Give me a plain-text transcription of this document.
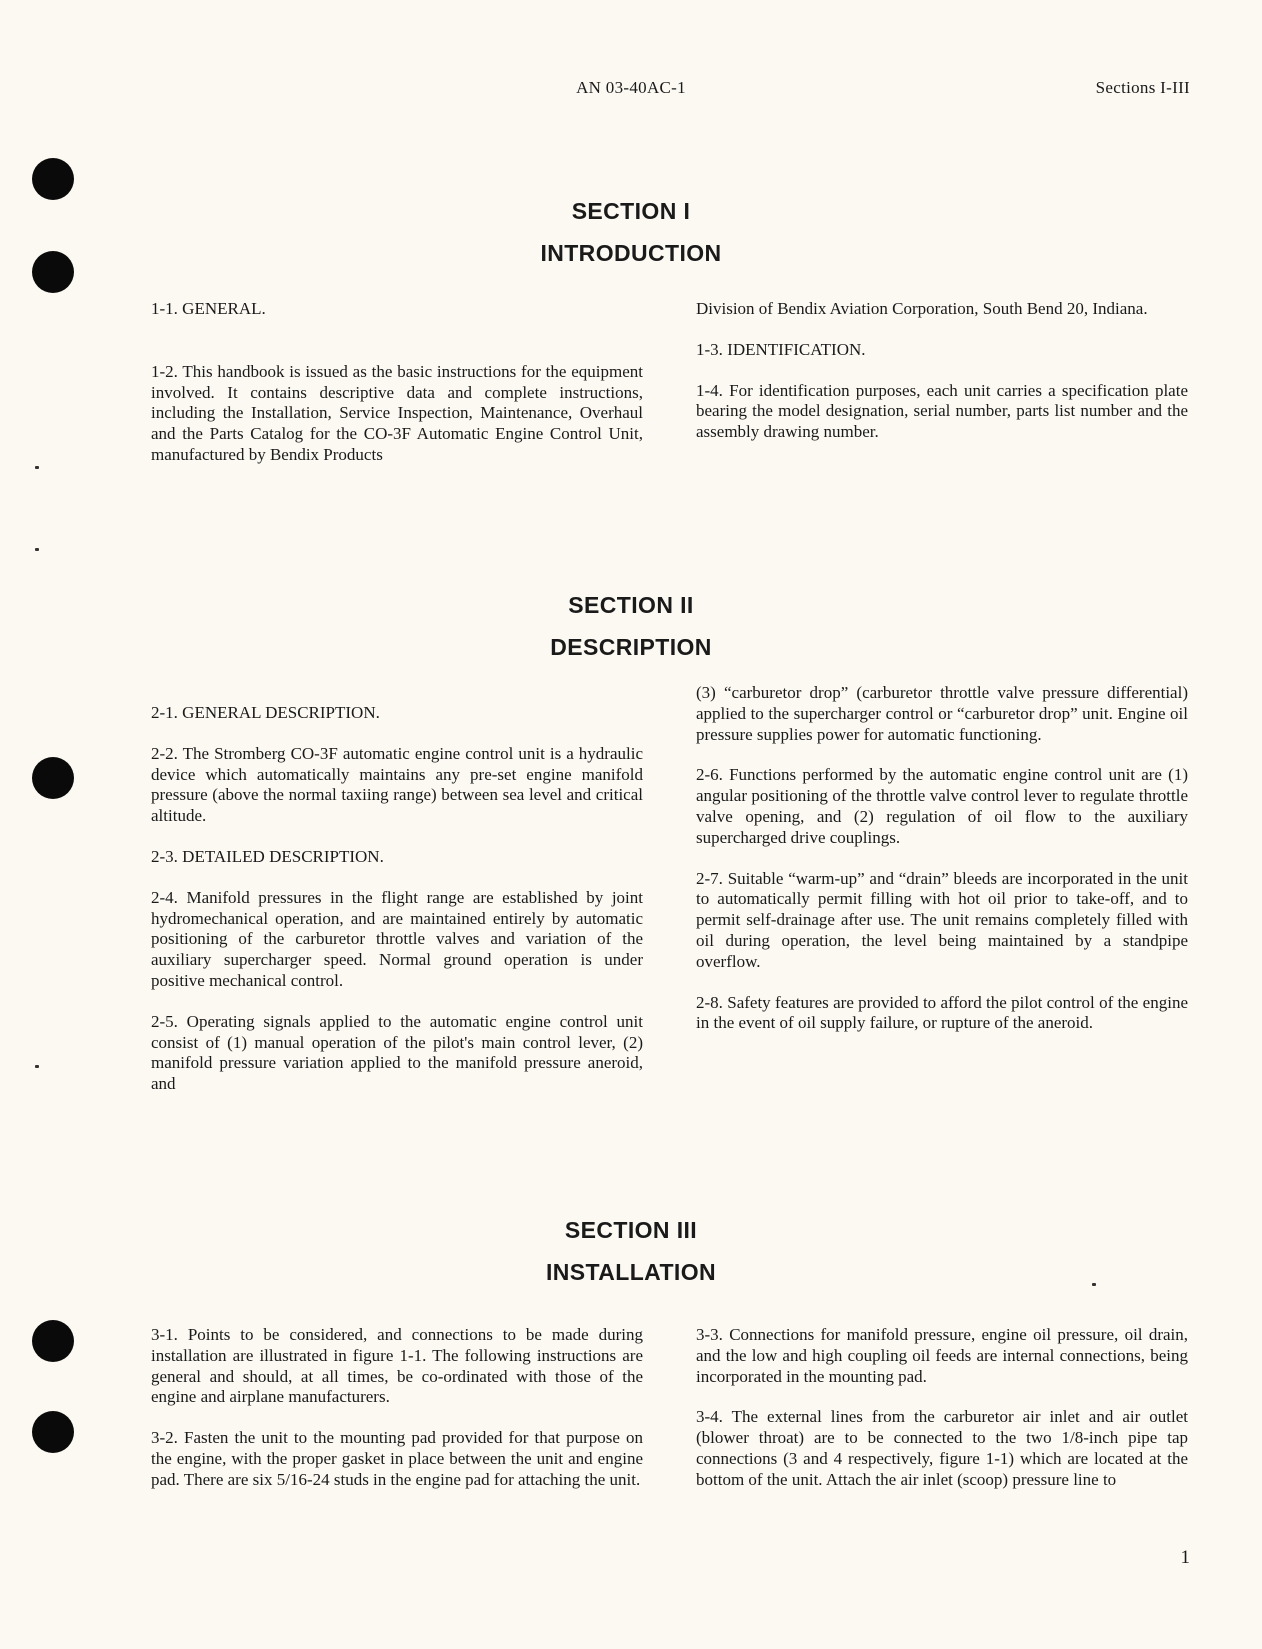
AN 03-40AC-1	Sections I-III
SECTION I
INTRODUCTION

1-1. GENERAL.

1-2. This handbook is issued as the basic instructions for the equipment involved. It contains descriptive data and complete instructions, including the Installation, Service Inspection, Maintenance, Overhaul and the Parts Catalog for the CO-3F Automatic Engine Control Unit, manufactured by Bendix Products

Division of Bendix Aviation Corporation, South Bend 20, Indiana.

1-3. IDENTIFICATION.

1-4. For identification purposes, each unit carries a specification plate bearing the model designation, serial number, parts list number and the assembly drawing number.

SECTION II
DESCRIPTION

2-1. GENERAL DESCRIPTION.

2-2. The Stromberg CO-3F automatic engine control unit is a hydraulic device which automatically maintains any pre-set engine manifold pressure (above the normal taxiing range) between sea level and critical altitude.

2-3. DETAILED DESCRIPTION.

2-4. Manifold pressures in the flight range are established by joint hydromechanical operation, and are maintained entirely by automatic positioning of the carburetor throttle valves and variation of the auxiliary supercharger speed. Normal ground operation is under positive mechanical control.

2-5. Operating signals applied to the automatic engine control unit consist of (1) manual operation of the pilot's main control lever, (2) manifold pressure variation applied to the manifold pressure aneroid, and

(3) “carburetor drop” (carburetor throttle valve pressure differential) applied to the supercharger control or “carburetor drop” unit. Engine oil pressure supplies power for automatic functioning.

2-6. Functions performed by the automatic engine control unit are (1) angular positioning of the throttle valve control lever to regulate throttle valve opening, and (2) regulation of oil flow to the auxiliary supercharged drive couplings.

2-7. Suitable “warm-up” and “drain” bleeds are incorporated in the unit to automatically permit filling with hot oil prior to take-off, and to permit self-drainage after use. The unit remains completely filled with oil during operation, the level being maintained by a standpipe overflow.

2-8. Safety features are provided to afford the pilot control of the engine in the event of oil supply failure, or rupture of the aneroid.

SECTION III
INSTALLATION

3-1. Points to be considered, and connections to be made during installation are illustrated in figure 1-1. The following instructions are general and should, at all times, be co-ordinated with those of the engine and airplane manufacturers.

3-2. Fasten the unit to the mounting pad provided for that purpose on the engine, with the proper gasket in place between the unit and engine pad. There are six 5/16-24 studs in the engine pad for attaching the unit.

3-3. Connections for manifold pressure, engine oil pressure, oil drain, and the low and high coupling oil feeds are internal connections, being incorporated in the mounting pad.

3-4. The external lines from the carburetor air inlet and air outlet (blower throat) are to be connected to the two 1/8-inch pipe tap connections (3 and 4 respectively, figure 1-1) which are located at the bottom of the unit. Attach the air inlet (scoop) pressure line to

1
